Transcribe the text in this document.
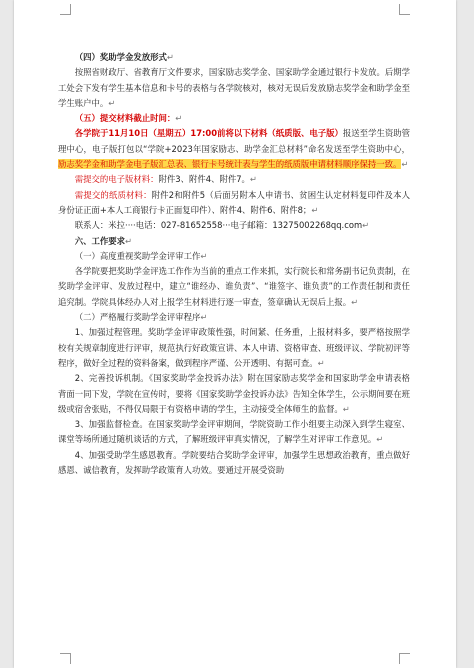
（四）奖助学金发放形式↵

按照省财政厅、省教育厅文件要求，国家励志奖学金、国家助学金通过银行卡发放。后期学工处会下发有学生基本信息和卡号的表格与各学院核对，核对无误后发放励志奖学金和助学金至学生账户中。↵

（五）提交材料截止时间：↵

各学院于11月10日（星期五）17:00前将以下材料（纸质版、电子版）报送至学生资助管理中心，电子版打包以“学院+2023年国家励志、助学金汇总材料”命名发送至学生资助中心，励志奖学金和助学金电子版汇总表、银行卡号统计表与学生的纸质版申请材料顺序保持一致。↵

需提交的电子版材料：附件3、附件4、附件7。↵

需提交的纸质材料：附件2和附件5（后面另附本人申请书、贫困生认定材料复印件及本人身份证正面+本人工商银行卡正面复印件）、附件4、附件6、附件8；↵

联系人：米拉····电话：027-81652558···电子邮箱：13275002268qq.com↵

六、工作要求↵

（一）高度重视奖助学金评审工作↵

各学院要把奖助学金评选工作作为当前的重点工作来抓，实行院长和常务副书记负责制，在奖助学金评审、发放过程中，建立“谁经办、谁负责”、“谁签字、谁负责”的工作责任制和责任追究制。学院具体经办人对上报学生材料进行逐一审查，签章确认无误后上报。↵

（二）严格履行奖助学金评审程序↵

1、加强过程管理。奖助学金评审政策性强，时间紧、任务重，上报材料多，要严格按照学校有关规章制度进行评审，规范执行好政策宣讲、本人申请、资格审查、班级评议、学院初评等程序，做好全过程的资料备案，做到程序严谨、公开透明、有据可查。↵

2、完善投诉机制。《国家奖助学金投诉办法》附在国家励志奖学金和国家助学金申请表格背面一同下发，学院在宣传时，要将《国家奖助学金投诉办法》告知全体学生，公示期间要在班级或宿舍张贴，不得仅局限于有资格申请的学生，主动接受全体师生的监督。↵

3、加强监督检查。在国家奖助学金评审期间，学院资助工作小组要主动深入到学生寝室、课堂等场所通过随机谈话的方式，了解班级评审真实情况，了解学生对评审工作意见。↵

4、加强受助学生感恩教育。学院要结合奖助学金评审，加强学生思想政治教育，重点做好感恩、诚信教育，发挥助学政策育人功效。要通过开展受资助
